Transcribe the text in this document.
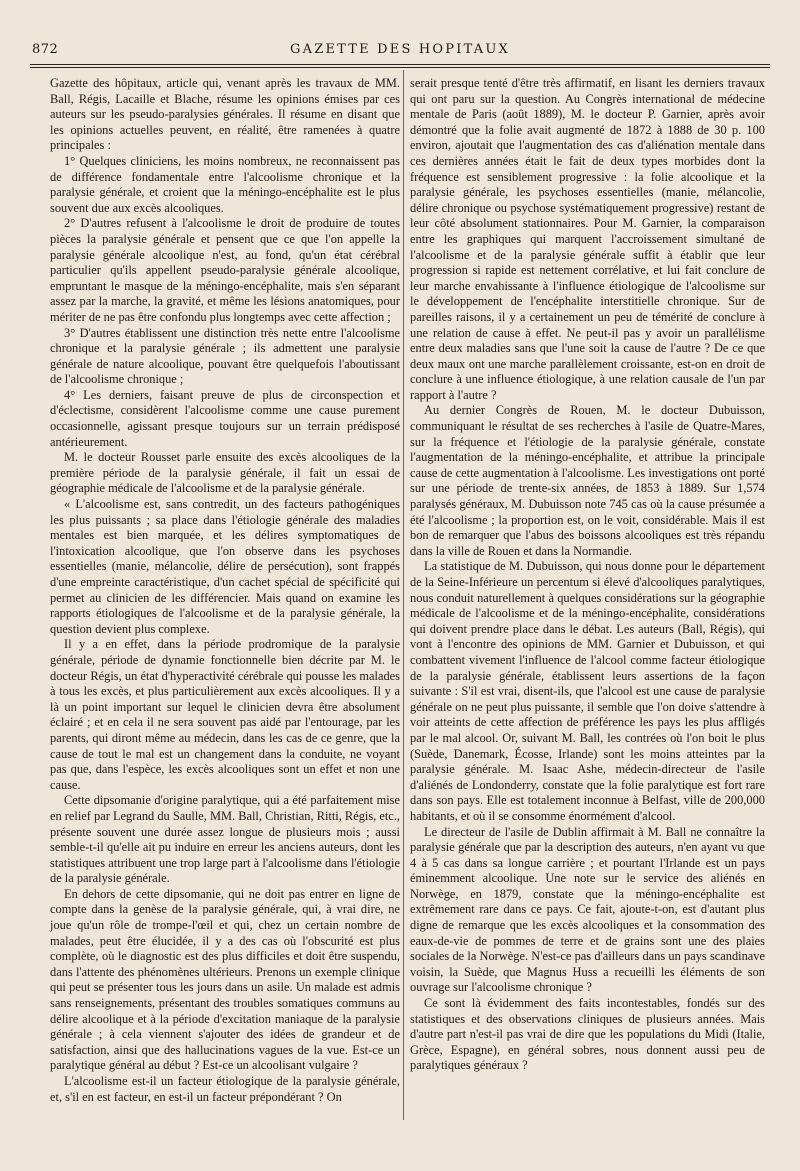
872	GAZETTE DES HOPITAUX

Gazette des hôpitaux, article qui, venant après les travaux de MM. Ball, Régis, Lacaille et Blache, résume les opinions émises par ces auteurs sur les pseudo-paralysies générales. Il résume en disant que les opinions actuelles peuvent, en réalité, être ramenées à quatre principales :

1° Quelques cliniciens, les moins nombreux, ne reconnaissent pas de différence fondamentale entre l'alcoolisme chronique et la paralysie générale, et croient que la méningo-encéphalite est le plus souvent due aux excès alcooliques.

2° D'autres refusent à l'alcoolisme le droit de produire de toutes pièces la paralysie générale et pensent que ce que l'on appelle la paralysie générale alcoolique n'est, au fond, qu'un état cérébral particulier qu'ils appellent pseudo-paralysie générale alcoolique, empruntant le masque de la méningo-encéphalite, mais s'en séparant assez par la marche, la gravité, et même les lésions anatomiques, pour mériter de ne pas être confondu plus longtemps avec cette affection ;

3° D'autres établissent une distinction très nette entre l'alcoolisme chronique et la paralysie générale ; ils admettent une paralysie générale de nature alcoolique, pouvant être quelquefois l'aboutissant de l'alcoolisme chronique ;

4° Les derniers, faisant preuve de plus de circonspection et d'éclectisme, considèrent l'alcoolisme comme une cause purement occasionnelle, agissant presque toujours sur un terrain prédisposé antérieurement.

M. le docteur Rousset parle ensuite des excès alcooliques de la première période de la paralysie générale, il fait un essai de géographie médicale de l'alcoolisme et de la paralysie générale.

« L'alcoolisme est, sans contredit, un des facteurs pathogéniques les plus puissants ; sa place dans l'étiologie générale des maladies mentales est bien marquée, et les délires symptomatiques de l'intoxication alcoolique, que l'on observe dans les psychoses essentielles (manie, mélancolie, délire de persécution), sont frappés d'une empreinte caractéristique, d'un cachet spécial de spécificité qui permet au clinicien de les différencier. Mais quand on examine les rapports étiologiques de l'alcoolisme et de la paralysie générale, la question devient plus complexe.

Il y a en effet, dans la période prodromique de la paralysie générale, période de dynamie fonctionnelle bien décrite par M. le docteur Régis, un état d'hyperactivité cérébrale qui pousse les malades à tous les excès, et plus particulièrement aux excès alcooliques. Il y a là un point important sur lequel le clinicien devra être absolument éclairé ; et en cela il ne sera souvent pas aidé par l'entourage, par les parents, qui diront même au médecin, dans les cas de ce genre, que la cause de tout le mal est un changement dans la conduite, ne voyant pas que, dans l'espèce, les excès alcooliques sont un effet et non une cause.

Cette dipsomanie d'origine paralytique, qui a été parfaitement mise en relief par Legrand du Saulle, MM. Ball, Christian, Ritti, Régis, etc., présente souvent une durée assez longue de plusieurs mois ; aussi semble-t-il qu'elle ait pu induire en erreur les anciens auteurs, dont les statistiques attribuent une trop large part à l'alcoolisme dans l'étiologie de la paralysie générale.

En dehors de cette dipsomanie, qui ne doit pas entrer en ligne de compte dans la genèse de la paralysie générale, qui, à vrai dire, ne joue qu'un rôle de trompe-l'œil et qui, chez un certain nombre de malades, peut être élucidée, il y a des cas où l'obscurité est plus complète, où le diagnostic est des plus difficiles et doit être suspendu, dans l'attente des phénomènes ultérieurs. Prenons un exemple clinique qui peut se présenter tous les jours dans un asile. Un malade est admis sans renseignements, présentant des troubles somatiques communs au délire alcoolique et à la période d'excitation maniaque de la paralysie générale ; à cela viennent s'ajouter des idées de grandeur et de satisfaction, ainsi que des hallucinations vagues de la vue. Est-ce un paralytique général au début ? Est-ce un alcoolisant vulgaire ?

L'alcoolisme est-il un facteur étiologique de la paralysie générale, et, s'il en est facteur, en est-il un facteur prépondérant ? On

serait presque tenté d'être très affirmatif, en lisant les derniers travaux qui ont paru sur la question. Au Congrès international de médecine mentale de Paris (août 1889), M. le docteur P. Garnier, après avoir démontré que la folie avait augmenté de 1872 à 1888 de 30 p. 100 environ, ajoutait que l'augmentation des cas d'aliénation mentale dans ces dernières années était le fait de deux types morbides dont la fréquence est sensiblement progressive : la folie alcoolique et la paralysie générale, les psychoses essentielles (manie, mélancolie, délire chronique ou psychose systématiquement progressive) restant de leur côté absolument stationnaires. Pour M. Garnier, la comparaison entre les graphiques qui marquent l'accroissement simultané de l'alcoolisme et de la paralysie générale suffit à établir que leur progression si rapide est nettement corrélative, et lui fait conclure de leur marche envahissante à l'influence étiologique de l'alcoolisme sur le développement de l'encéphalite interstitielle chronique. Sur de pareilles raisons, il y a certainement un peu de témérité de conclure à une relation de cause à effet. Ne peut-il pas y avoir un parallélisme entre deux maladies sans que l'une soit la cause de l'autre ? De ce que deux maux ont une marche parallèlement croissante, est-on en droit de conclure à une influence étiologique, à une relation causale de l'un par rapport à l'autre ?

Au dernier Congrès de Rouen, M. le docteur Dubuisson, communiquant le résultat de ses recherches à l'asile de Quatre-Mares, sur la fréquence et l'étiologie de la paralysie générale, constate l'augmentation de la méningo-encéphalite, et attribue la principale cause de cette augmentation à l'alcoolisme. Les investigations ont porté sur une période de trente-six années, de 1853 à 1889. Sur 1,574 paralysés généraux, M. Dubuisson note 745 cas où la cause présumée a été l'alcoolisme ; la proportion est, on le voit, considérable. Mais il est bon de remarquer que l'abus des boissons alcooliques est très répandu dans la ville de Rouen et dans la Normandie.

La statistique de M. Dubuisson, qui nous donne pour le département de la Seine-Inférieure un percentum si élevé d'alcooliques paralytiques, nous conduit naturellement à quelques considérations sur la géographie médicale de l'alcoolisme et de la méningo-encéphalite, considérations qui doivent prendre place dans le débat. Les auteurs (Ball, Régis), qui vont à l'encontre des opinions de MM. Garnier et Dubuisson, et qui combattent vivement l'influence de l'alcool comme facteur étiologique de la paralysie générale, établissent leurs assertions de la façon suivante : S'il est vrai, disent-ils, que l'alcool est une cause de paralysie générale on ne peut plus puissante, il semble que l'on doive s'attendre à voir atteints de cette affection de préférence les pays les plus affligés par le mal alcool. Or, suivant M. Ball, les contrées où l'on boit le plus (Suède, Danemark, Écosse, Irlande) sont les moins atteintes par la paralysie générale. M. Isaac Ashe, médecin-directeur de l'asile d'aliénés de Londonderry, constate que la folie paralytique est fort rare dans son pays. Elle est totalement inconnue à Belfast, ville de 200,000 habitants, et où il se consomme énormément d'alcool.

Le directeur de l'asile de Dublin affirmait à M. Ball ne connaître la paralysie générale que par la description des auteurs, n'en ayant vu que 4 à 5 cas dans sa longue carrière ; et pourtant l'Irlande est un pays éminemment alcoolique. Une note sur le service des aliénés en Norwège, en 1879, constate que la méningo-encéphalite est extrêmement rare dans ce pays. Ce fait, ajoute-t-on, est d'autant plus digne de remarque que les excès alcooliques et la consommation des eaux-de-vie de pommes de terre et de grains sont une des plaies sociales de la Norwège. N'est-ce pas d'ailleurs dans un pays scandinave voisin, la Suède, que Magnus Huss a recueilli les éléments de son ouvrage sur l'alcoolisme chronique ?

Ce sont là évidemment des faits incontestables, fondés sur des statistiques et des observations cliniques de plusieurs années. Mais d'autre part n'est-il pas vrai de dire que les populations du Midi (Italie, Grèce, Espagne), en général sobres, nous donnent aussi peu de paralytiques généraux ?
